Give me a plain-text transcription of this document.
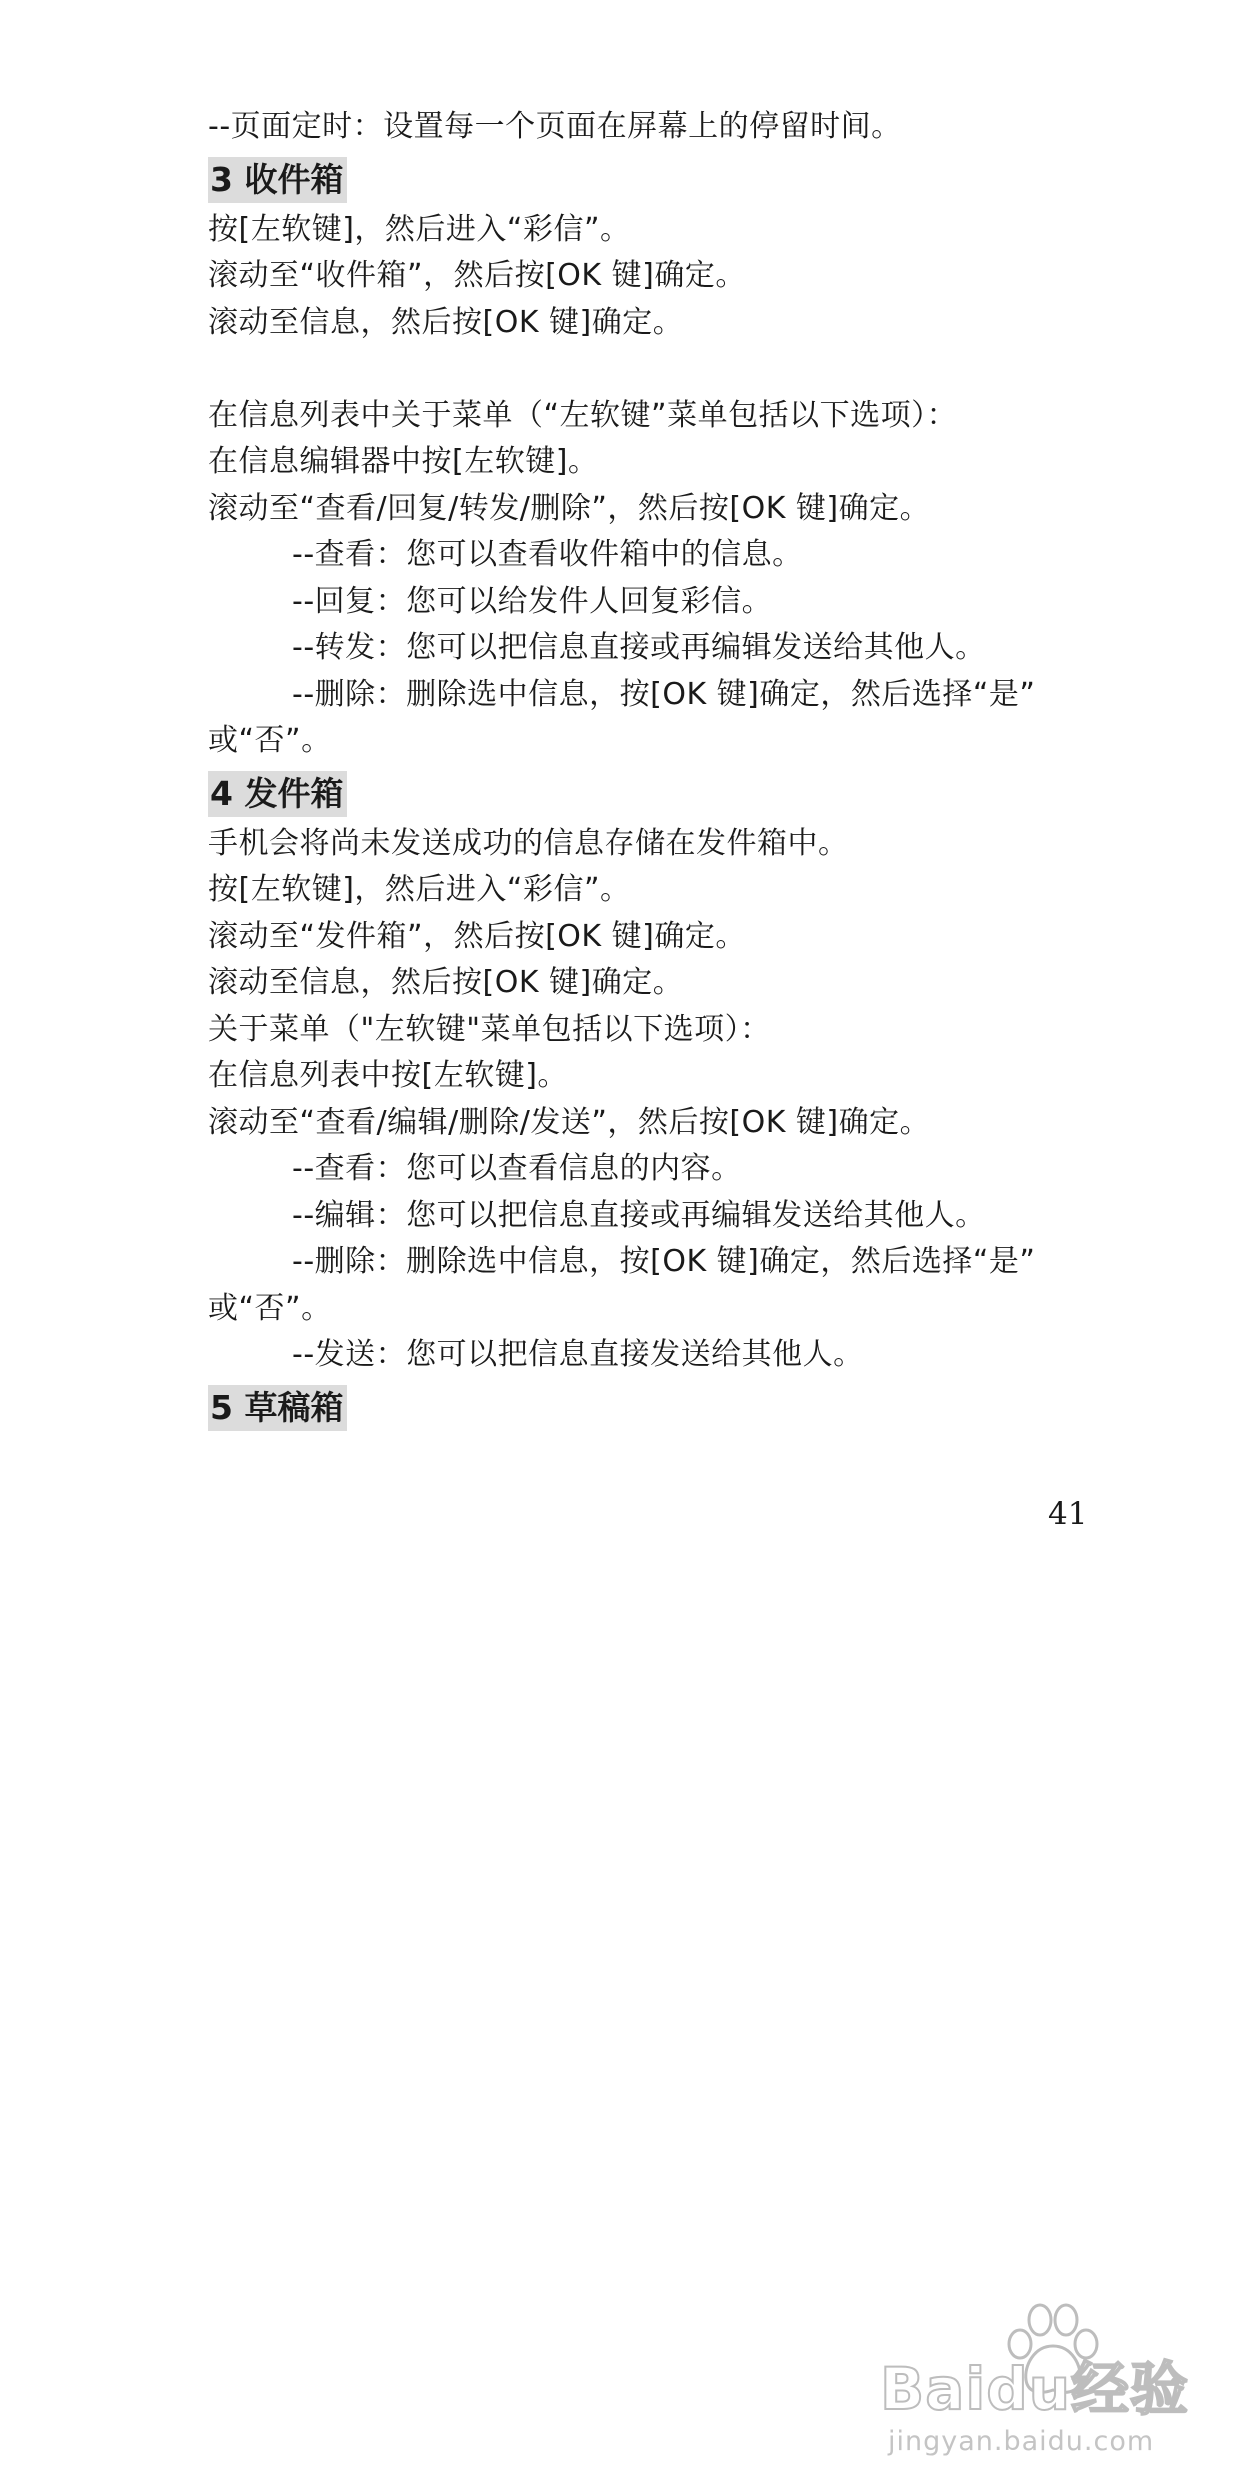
--页面定时：设置每一个页面在屏幕上的停留时间。
3 收件箱
按[左软键]，然后进入“彩信”。
滚动至“收件箱”，然后按[OK 键]确定。
滚动至信息，然后按[OK 键]确定。
在信息列表中关于菜单（“左软键”菜单包括以下选项）：
在信息编辑器中按[左软键]。
滚动至“查看/回复/转发/删除”，然后按[OK 键]确定。
--查看：您可以查看收件箱中的信息。
--回复：您可以给发件人回复彩信。
--转发：您可以把信息直接或再编辑发送给其他人。
--删除：删除选中信息，按[OK 键]确定，然后选择“是”
或“否”。
4 发件箱
手机会将尚未发送成功的信息存储在发件箱中。
按[左软键]，然后进入“彩信”。
滚动至“发件箱”，然后按[OK 键]确定。
滚动至信息，然后按[OK 键]确定。
关于菜单（"左软键"菜单包括以下选项）：
在信息列表中按[左软键]。
滚动至“查看/编辑/删除/发送”，然后按[OK 键]确定。
--查看：您可以查看信息的内容。
--编辑：您可以把信息直接或再编辑发送给其他人。
--删除：删除选中信息，按[OK 键]确定，然后选择“是”
或“否”。
--发送：您可以把信息直接发送给其他人。
5 草稿箱
41
Baidu经验
jingyan.baidu.com
